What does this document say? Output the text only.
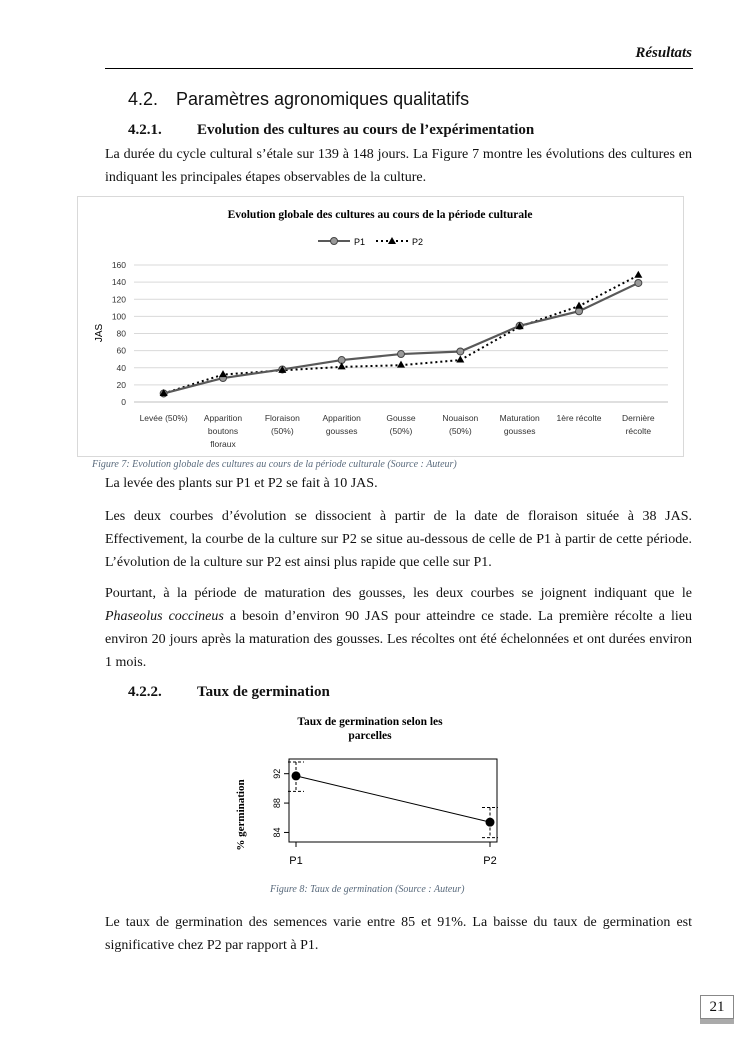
Résultats
4.2. Paramètres agronomiques qualitatifs
4.2.1. Evolution des cultures au cours de l’expérimentation
La durée du cycle cultural s’étale sur 139 à 148 jours. La Figure 7 montre les évolutions des cultures en indiquant les principales étapes observables de la culture.
Evolution globale des cultures au cours de la période culturale
P1	P2
0
20
40
60
80
100
120
140
160
JAS
Levée (50%) Apparition
boutons
floraux
Floraison
(50%)
Apparition
gousses
Gousse
(50%)
Nouaison
(50%)
Maturation
gousses
1ère récolte Dernière
récolte
Figure 7: Evolution globale des cultures au cours de la période culturale (Source : Auteur)
La levée des plants sur P1 et P2 se fait à 10 JAS.
Les deux courbes d’évolution se dissocient à partir de la date de floraison située à 38 JAS. Effectivement, la courbe de la culture sur P2 se situe au-dessous de celle de P1 à partir de cette période. L’évolution de la culture sur P2 est ainsi plus rapide que celle sur P1.
Pourtant, à la période de maturation des gousses, les deux courbes se joignent indiquant que le Phaseolus coccineus a besoin d’environ 90 JAS pour atteindre ce stade. La première récolte a lieu environ 20 jours après la maturation des gousses. Les récoltes ont été échelonnées et ont durées environ 1 mois.
4.2.2. Taux de germination
Taux de germination selon les
parcelles
84
88
92
% germination
P1	P2
Figure 8: Taux de germination (Source : Auteur)
Le taux de germination des semences varie entre 85 et 91%. La baisse du taux de germination est significative chez P2 par rapport à P1.
21
